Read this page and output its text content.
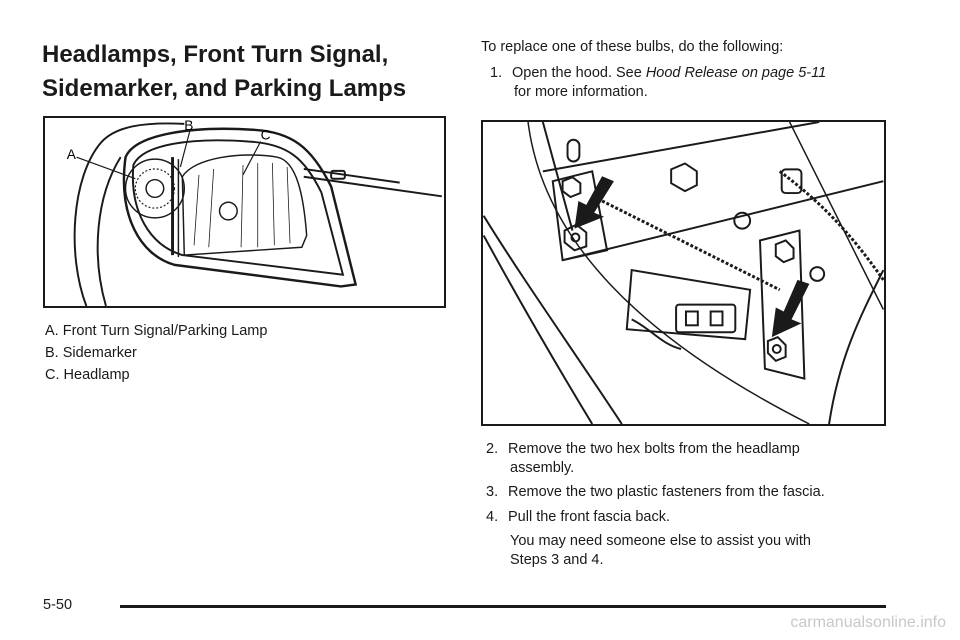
Headlamps, Front Turn Signal,
Sidemarker, and Parking Lamps
A
B
C
A. Front Turn Signal/Parking Lamp
B. Sidemarker
C. Headlamp
To replace one of these bulbs, do the following:
1. Open the hood. See Hood Release on page 5-11
for more information.
2. Remove the two hex bolts from the headlamp
assembly.
3. Remove the two plastic fasteners from the fascia.
4. Pull the front fascia back.
You may need someone else to assist you with
Steps 3 and 4.
5-50
carmanualsonline.info
